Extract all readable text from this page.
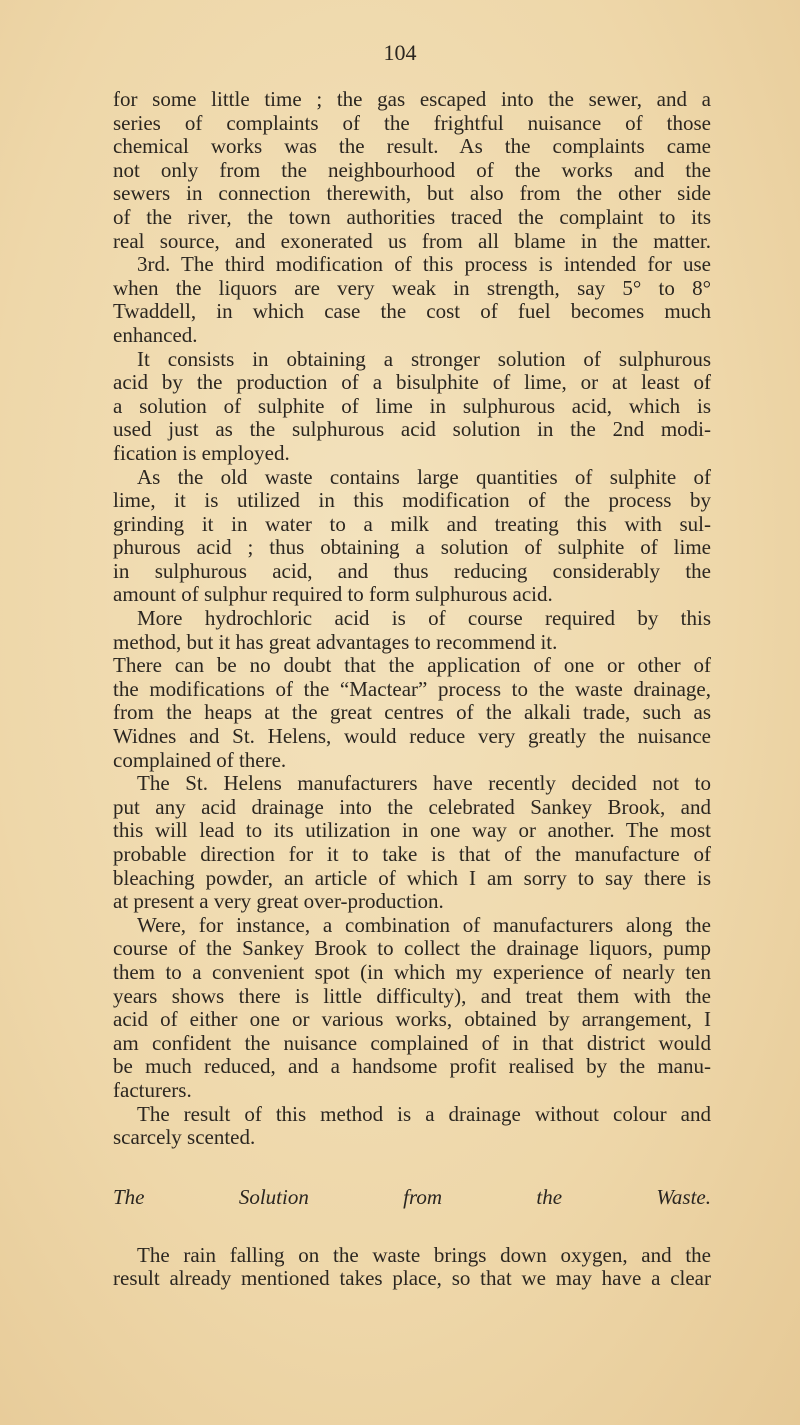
104
for some little time ; the gas escaped into the sewer, and a
series of complaints of the frightful nuisance of those
chemical works was the result. As the complaints came
not only from the neighbourhood of the works and the
sewers in connection therewith, but also from the other side
of the river, the town authorities traced the complaint to its
real source, and exonerated us from all blame in the matter.
3rd. The third modification of this process is intended for use
when the liquors are very weak in strength, say 5° to 8°
Twaddell, in which case the cost of fuel becomes much
enhanced.
It consists in obtaining a stronger solution of sulphurous
acid by the production of a bisulphite of lime, or at least of
a solution of sulphite of lime in sulphurous acid, which is
used just as the sulphurous acid solution in the 2nd modi-
fication is employed.
As the old waste contains large quantities of sulphite of
lime, it is utilized in this modification of the process by
grinding it in water to a milk and treating this with sul-
phurous acid ; thus obtaining a solution of sulphite of lime
in sulphurous acid, and thus reducing considerably the
amount of sulphur required to form sulphurous acid.
More hydrochloric acid is of course required by this
method, but it has great advantages to recommend it.
There can be no doubt that the application of one or other of
the modifications of the “Mactear” process to the waste drainage,
from the heaps at the great centres of the alkali trade, such as
Widnes and St. Helens, would reduce very greatly the nuisance
complained of there.
The St. Helens manufacturers have recently decided not to
put any acid drainage into the celebrated Sankey Brook, and
this will lead to its utilization in one way or another. The most
probable direction for it to take is that of the manufacture of
bleaching powder, an article of which I am sorry to say there is
at present a very great over-production.
Were, for instance, a combination of manufacturers along the
course of the Sankey Brook to collect the drainage liquors, pump
them to a convenient spot (in which my experience of nearly ten
years shows there is little difficulty), and treat them with the
acid of either one or various works, obtained by arrangement, I
am confident the nuisance complained of in that district would
be much reduced, and a handsome profit realised by the manu-
facturers.
The result of this method is a drainage without colour and
scarcely scented.
The Solution from the Waste.
The rain falling on the waste brings down oxygen, and the
result already mentioned takes place, so that we may have a clear
